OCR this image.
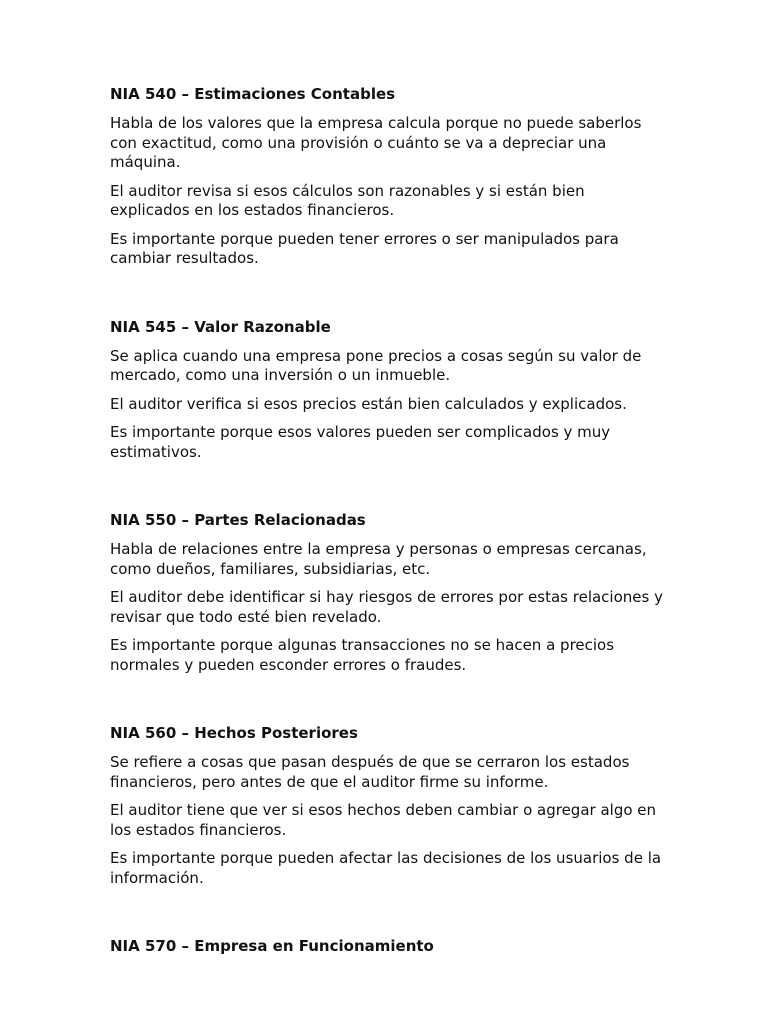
NIA 540 – Estimaciones Contables

Habla de los valores que la empresa calcula porque no puede saberlos con exactitud, como una provisión o cuánto se va a depreciar una máquina.

El auditor revisa si esos cálculos son razonables y si están bien explicados en los estados financieros.

Es importante porque pueden tener errores o ser manipulados para cambiar resultados.

NIA 545 – Valor Razonable

Se aplica cuando una empresa pone precios a cosas según su valor de mercado, como una inversión o un inmueble.

El auditor verifica si esos precios están bien calculados y explicados.

Es importante porque esos valores pueden ser complicados y muy estimativos.

NIA 550 – Partes Relacionadas

Habla de relaciones entre la empresa y personas o empresas cercanas, como dueños, familiares, subsidiarias, etc.

El auditor debe identificar si hay riesgos de errores por estas relaciones y revisar que todo esté bien revelado.

Es importante porque algunas transacciones no se hacen a precios normales y pueden esconder errores o fraudes.

NIA 560 – Hechos Posteriores

Se refiere a cosas que pasan después de que se cerraron los estados financieros, pero antes de que el auditor firme su informe.

El auditor tiene que ver si esos hechos deben cambiar o agregar algo en los estados financieros.

Es importante porque pueden afectar las decisiones de los usuarios de la información.

NIA 570 – Empresa en Funcionamiento
